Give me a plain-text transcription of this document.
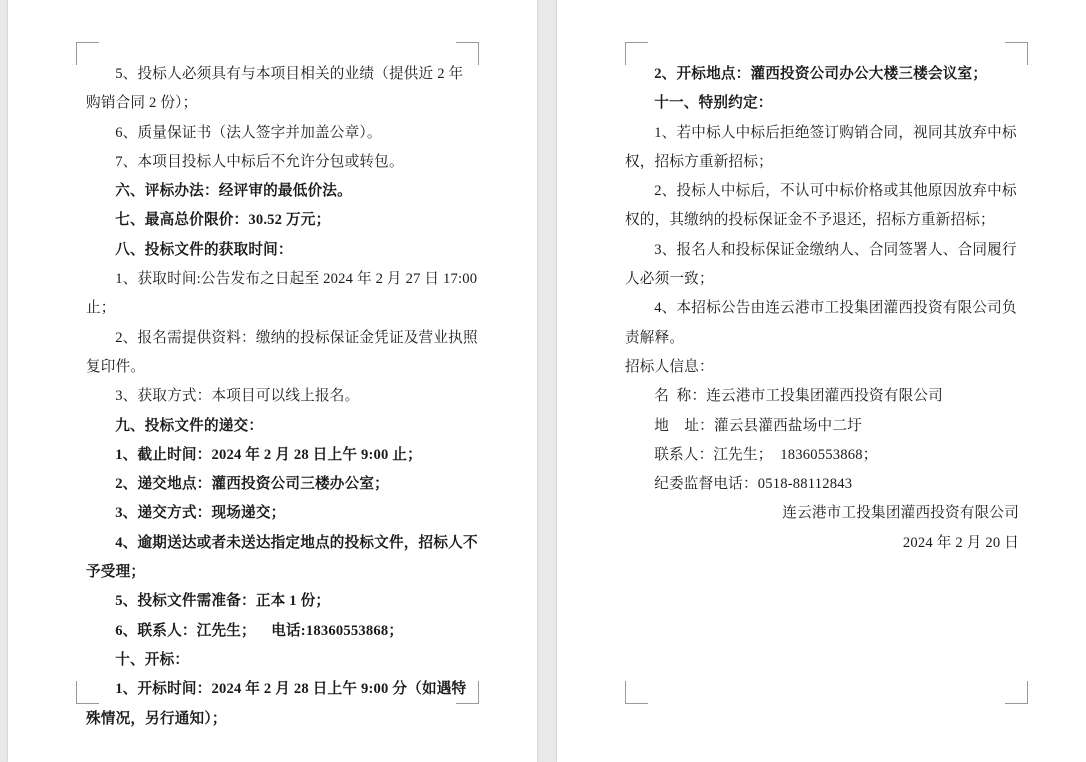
5、投标人必须具有与本项目相关的业绩（提供近 2 年购销合同 2 份）；

6、质量保证书（法人签字并加盖公章）。

7、本项目投标人中标后不允许分包或转包。

六、评标办法：经评审的最低价法。

七、最高总价限价：30.52 万元；

八、投标文件的获取时间：

1、获取时间:公告发布之日起至 2024 年 2 月 27 日 17:00 止；

2、报名需提供资料：缴纳的投标保证金凭证及营业执照复印件。

3、获取方式：本项目可以线上报名。

九、投标文件的递交：

1、截止时间：2024 年 2 月 28 日上午 9:00 止；

2、递交地点：灌西投资公司三楼办公室；

3、递交方式：现场递交；

4、逾期送达或者未送达指定地点的投标文件，招标人不予受理；

5、投标文件需准备：正本 1 份；

6、联系人：江先生；    电话:18360553868；

十、开标：

1、开标时间：2024 年 2 月 28 日上午 9:00 分（如遇特殊情况，另行通知）；

2、开标地点：灌西投资公司办公大楼三楼会议室；

十一、特别约定：

1、若中标人中标后拒绝签订购销合同，视同其放弃中标权，招标方重新招标；

2、投标人中标后，不认可中标价格或其他原因放弃中标权的，其缴纳的投标保证金不予退还，招标方重新招标；

3、报名人和投标保证金缴纳人、合同签署人、合同履行人必须一致；

4、本招标公告由连云港市工投集团灌西投资有限公司负责解释。

招标人信息：

名  称：连云港市工投集团灌西投资有限公司

地    址：灌云县灌西盐场中二圩

联系人：江先生；  18360553868；

纪委监督电话：0518-88112843

连云港市工投集团灌西投资有限公司

2024 年 2 月 20 日
